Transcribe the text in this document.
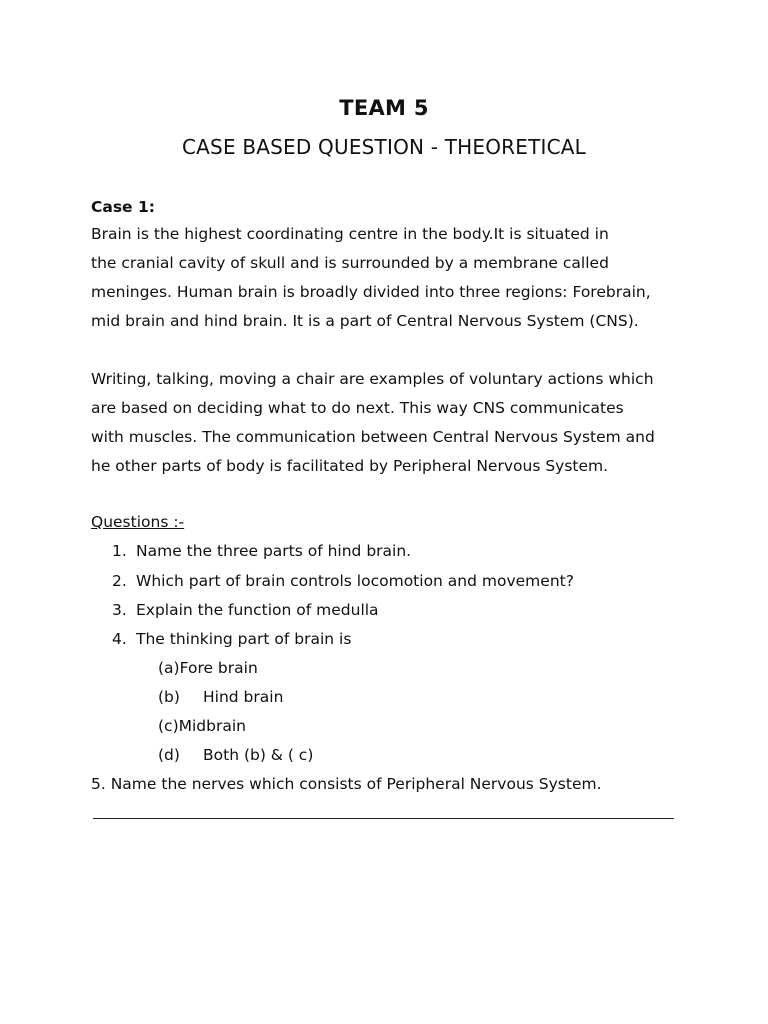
TEAM 5
CASE BASED QUESTION - THEORETICAL
Case 1:
Brain is the highest coordinating centre in the body.It is situated in
the cranial cavity of skull and is surrounded by a membrane called
meninges. Human brain is broadly divided into three regions: Forebrain,
mid brain and hind brain. It is a part of Central Nervous System (CNS).
Writing, talking, moving a chair are examples of voluntary actions which
are based on deciding what to do next. This way CNS communicates
with muscles. The communication between Central Nervous System and
he other parts of body is facilitated by Peripheral Nervous System.
Questions :-
1. Name the three parts of hind brain.
2. Which part of brain controls locomotion and movement?
3. Explain the function of medulla
4. The thinking part of brain is
(a)Fore brain
(b) Hind brain
(c)Midbrain
(d) Both (b) & ( c)
5. Name the nerves which consists of Peripheral Nervous System.
